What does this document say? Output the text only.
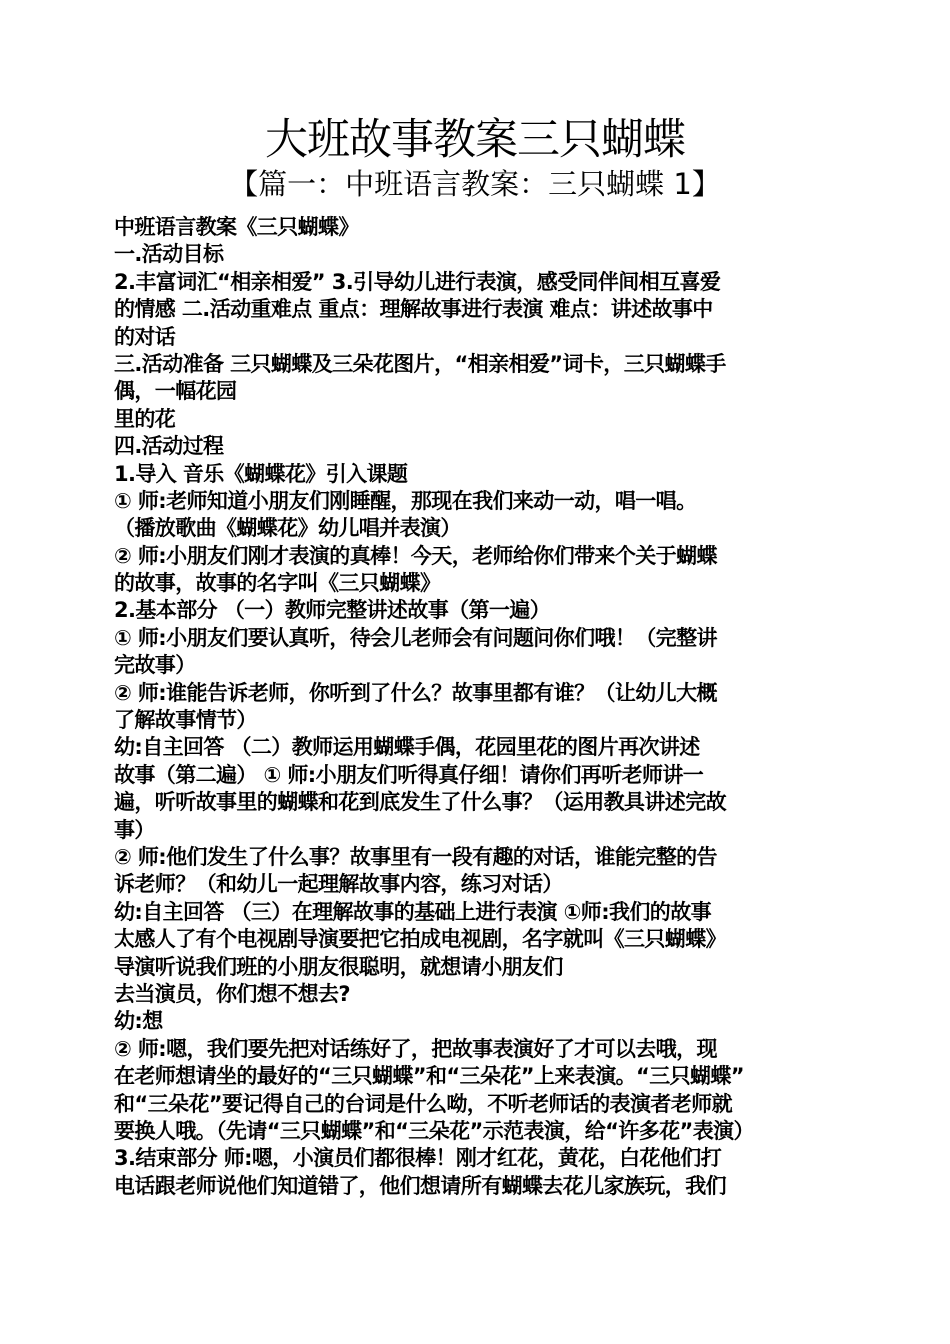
大班故事教案三只蝴蝶
【篇一：中班语言教案：三只蝴蝶 1】
中班语言教案《三只蝴蝶》
一.活动目标
2.丰富词汇“相亲相爱” 3.引导幼儿进行表演，感受同伴间相互喜爱
的情感 二.活动重难点 重点：理解故事进行表演 难点：讲述故事中
的对话
三.活动准备 三只蝴蝶及三朵花图片，“相亲相爱”词卡，三只蝴蝶手
偶，一幅花园
里的花
四.活动过程
1.导入 音乐《蝴蝶花》引入课题
① 师:老师知道小朋友们刚睡醒，那现在我们来动一动，唱一唱。
（播放歌曲《蝴蝶花》幼儿唱并表演）
② 师:小朋友们刚才表演的真棒！今天，老师给你们带来个关于蝴蝶
的故事，故事的名字叫《三只蝴蝶》
2.基本部分 （一）教师完整讲述故事（第一遍）
① 师:小朋友们要认真听，待会儿老师会有问题问你们哦！（完整讲
完故事）
② 师:谁能告诉老师，你听到了什么？故事里都有谁？（让幼儿大概
了解故事情节）
幼:自主回答 （二）教师运用蝴蝶手偶，花园里花的图片再次讲述
故事（第二遍） ① 师:小朋友们听得真仔细！请你们再听老师讲一
遍，听听故事里的蝴蝶和花到底发生了什么事？（运用教具讲述完故
事）
② 师:他们发生了什么事？故事里有一段有趣的对话，谁能完整的告
诉老师？（和幼儿一起理解故事内容，练习对话）
幼:自主回答 （三）在理解故事的基础上进行表演 ①师:我们的故事
太感人了有个电视剧导演要把它拍成电视剧，名字就叫《三只蝴蝶》
导演听说我们班的小朋友很聪明，就想请小朋友们
去当演员，你们想不想去?
幼:想
② 师:嗯，我们要先把对话练好了，把故事表演好了才可以去哦，现
在老师想请坐的最好的“三只蝴蝶”和“三朵花”上来表演。“三只蝴蝶”
和“三朵花”要记得自己的台词是什么呦，不听老师话的表演者老师就
要换人哦。（先请“三只蝴蝶”和“三朵花”示范表演，给“许多花”表演）
3.结束部分 师:嗯，小演员们都很棒！刚才红花，黄花，白花他们打
电话跟老师说他们知道错了，他们想请所有蝴蝶去花儿家族玩，我们
